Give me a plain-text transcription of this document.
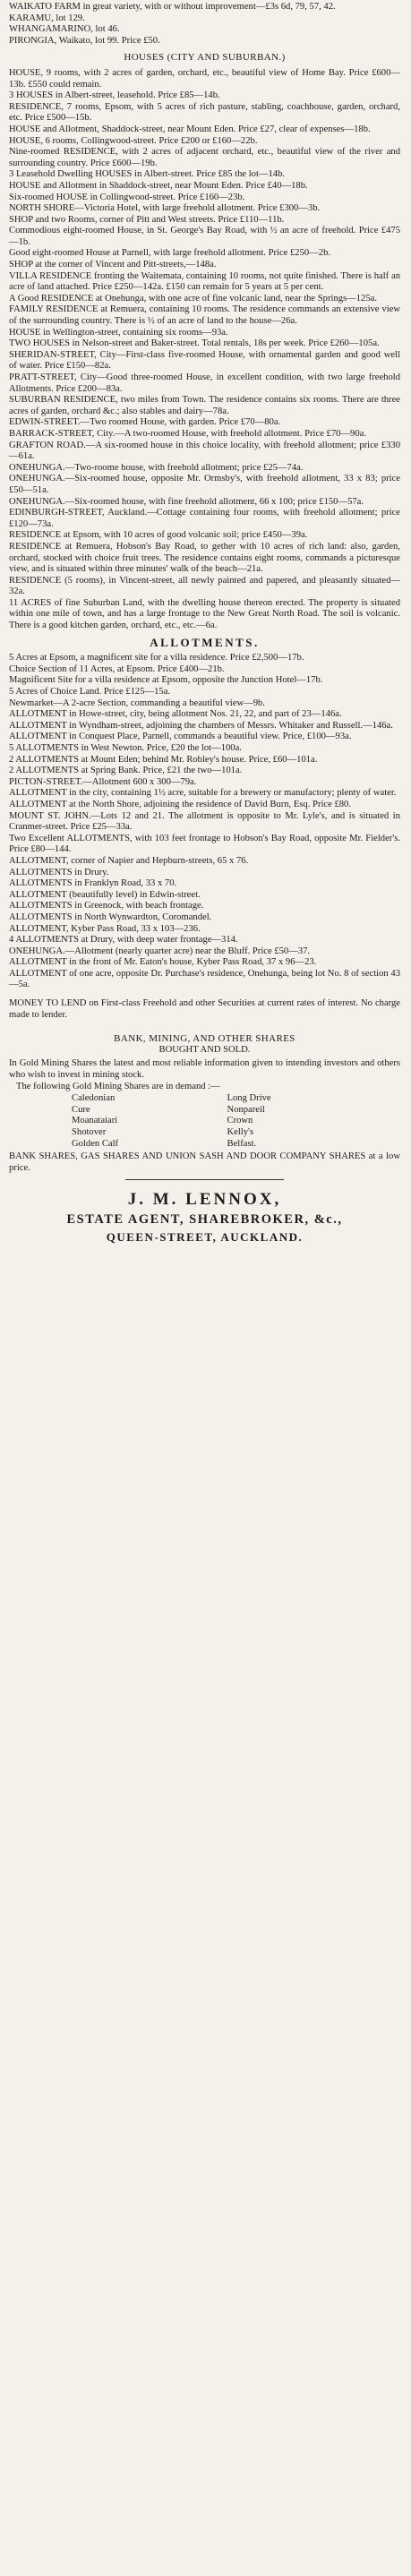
WAIKATO FARM in great variety, with or without improvement—£3s 6d, 79, 57, 42.

KARAMU, lot 129.

WHANGAMARINO, lot 46.

PIRONGIA, Waikato, lot 99. Price £50.

HOUSES (CITY AND SUBURBAN.)

HOUSE, 9 rooms, with 2 acres of garden, orchard, etc., beautiful view of Home Bay. Price £600—13b. £550 could remain.

3 HOUSES in Albert-street, leasehold. Price £85—14b.

RESIDENCE, 7 rooms, Epsom, with 5 acres of rich pasture, stabling, coachhouse, garden, orchard, etc. Price £500—15b.

HOUSE and Allotment, Shaddock-street, near Mount Eden. Price £27, clear of expenses—18b.

HOUSE, 6 rooms, Collingwood-street. Price £200 or £160—22b.

Nine-roomed RESIDENCE, with 2 acres of adjacent orchard, etc., beautiful view of the river and surrounding country. Price £600—19b.

3 Leasehold Dwelling HOUSES in Albert-street. Price £85 the lot—14b.

HOUSE and Allotment in Shaddock-street, near Mount Eden. Price £40—18b.

Six-roomed HOUSE in Collingwood-street. Price £160—23b.

NORTH SHORE—Victoria Hotel, with large freehold allotment. Price £300—3b.

SHOP and two Rooms, corner of Pitt and West streets. Price £110—11b.

Commodious eight-roomed House, in St. George's Bay Road, with ½ an acre of freehold. Price £475—1b.

Good eight-roomed House at Parnell, with large freehold allotment. Price £250—2b.

SHOP at the corner of Vincent and Pitt-streets,—148a.

VILLA RESIDENCE fronting the Waitemata, containing 10 rooms, not quite finished. There is half an acre of land attached. Price £250—142a. £150 can remain for 5 years at 5 per cent.

A Good RESIDENCE at Onehunga, with one acre of fine volcanic land, near the Springs—125a.

FAMILY RESIDENCE at Remuera, containing 10 rooms. The residence commands an extensive view of the surrounding country. There is ½ of an acre of land to the house—26a.

HOUSE in Wellington-street, containing six rooms—93a.

TWO HOUSES in Nelson-street and Baker-street. Total rentals, 18s per week. Price £260—105a.

SHERIDAN-STREET, City—First-class five-roomed House, with ornamental garden and good well of water. Price £150—82a.

PRATT-STREET, City—Good three-roomed House, in excellent condition, with two large freehold Allotments. Price £200—83a.

SUBURBAN RESIDENCE, two miles from Town. The residence contains six rooms. There are three acres of garden, orchard &c.; also stables and dairy—78a.

EDWIN-STREET.—Two roomed House, with garden. Price £70—80a.

BARRACK-STREET, City.—A two-roomed House, with freehold allotment. Price £70—90a.

GRAFTON ROAD.—A six-roomed house in this choice locality, with freehold allotment; price £330—61a.

ONEHUNGA.—Two-roome house, with freehold allotment; price £25—74a.

ONEHUNGA.—Six-roomed house, opposite Mr. Ormsby's, with freehold allotment, 33 x 83; price £50—51a.

ONEHUNGA.—Six-roomed house, with fine freehold allotment, 66 x 100; price £150—57a.

EDINBURGH-STREET, Auckland.—Cottage containing four rooms, with freehold allotment; price £120—73a.

RESIDENCE at Epsom, with 10 acres of good volcanic soil; price £450—39a.

RESIDENCE at Remuera, Hobson's Bay Road, to gether with 10 acres of rich land: also, garden, orchard, stocked with choice fruit trees. The residence contains eight rooms, commands a picturesque view, and is situated within three minutes' walk of the beach—21a.

RESIDENCE (5 rooms), in Vincent-street, all newly painted and papered, and pleasantly situated—32a.

11 ACRES of fine Suburban Land, with the dwelling house thereon erected. The property is situated within one mile of town, and has a large frontage to the New Great North Road. The soil is volcanic. There is a good kitchen garden, orchard, etc., etc.—6a.

ALLOTMENTS.

5 Acres at Epsom, a magnificent site for a villa residence. Price £2,500—17b.

Choice Section of 11 Acres, at Epsom. Price £400—21b.

Magnificent Site for a villa residence at Epsom, opposite the Junction Hotel—17b.

5 Acres of Choice Land. Price £125—15a.

Newmarket—A 2-acre Section, commanding a beautiful view—9b.

ALLOTMENT in Howe-street, city, being allotment Nos. 21, 22, and part of 23—146a.

ALLOTMENT in Wyndham-street, adjoining the chambers of Messrs. Whitaker and Russell.—146a.

ALLOTMENT in Conquest Place, Parnell, commands a beautiful view. Price, £100—93a.

5 ALLOTMENTS in West Newton. Price, £20 the lot—100a.

2 ALLOTMENTS at Mount Eden; behind Mr. Robley's house. Price, £60—101a.

2 ALLOTMENTS at Spring Bank. Price, £21 the two—101a.

PICTON-STREET.—Allotment 600 x 300—79a.

ALLOTMENT in the city, containing 1½ acre, suitable for a brewery or manufactory; plenty of water.

ALLOTMENT at the North Shore, adjoining the residence of David Burn, Esq. Price £80.

MOUNT ST. JOHN.—Lots 12 and 21. The allotment is opposite to Mr. Lyle's, and is situated in Cranmer-street. Price £25—33a.

Two Excellent ALLOTMENTS, with 103 feet frontage to Hobson's Bay Road, opposite Mr. Fielder's. Price £80—144.

ALLOTMENT, corner of Napier and Hepburn-streets, 65 x 76.

ALLOTMENTS in Drury.

ALLOTMENTS in Franklyn Road, 33 x 70.

ALLOTMENT (beautifully level) in Edwin-street.

ALLOTMENTS in Greenock, with beach frontage.

ALLOTMENTS in North Wynwardton, Coromandel.

ALLOTMENT, Kyber Pass Road, 33 x 103—236.

4 ALLOTMENTS at Drury, with deep water frontage—314.

ONEHUNGA.—Allotment (nearly quarter acre) near the Bluff. Price £50—37.

ALLOTMENT in the front of Mr. Eaton's house, Kyber Pass Road, 37 x 96—23.

ALLOTMENT of one acre, opposite Dr. Purchase's residence, Onehunga, being lot No. 8 of section 43—5a.

MONEY TO LEND on First-class Freehold and other Securities at current rates of interest. No charge made to lender.

BANK, MINING, AND OTHER SHARES
BOUGHT AND SOLD.

In Gold Mining Shares the latest and most reliable information given to intending investors and others who wish to invest in mining stock.

The following Gold Mining Shares are in demand :—

Caledonian
Cure
Moanataiari
Shotover
Golden Calf
Long Drive
Nonpareil
Crown
Kelly's
Belfast.

BANK SHARES, GAS SHARES AND UNION SASH AND DOOR COMPANY SHARES at a low price.

J. M. LENNOX,
ESTATE AGENT, SHAREBROKER, &c.,
QUEEN-STREET, AUCKLAND.
